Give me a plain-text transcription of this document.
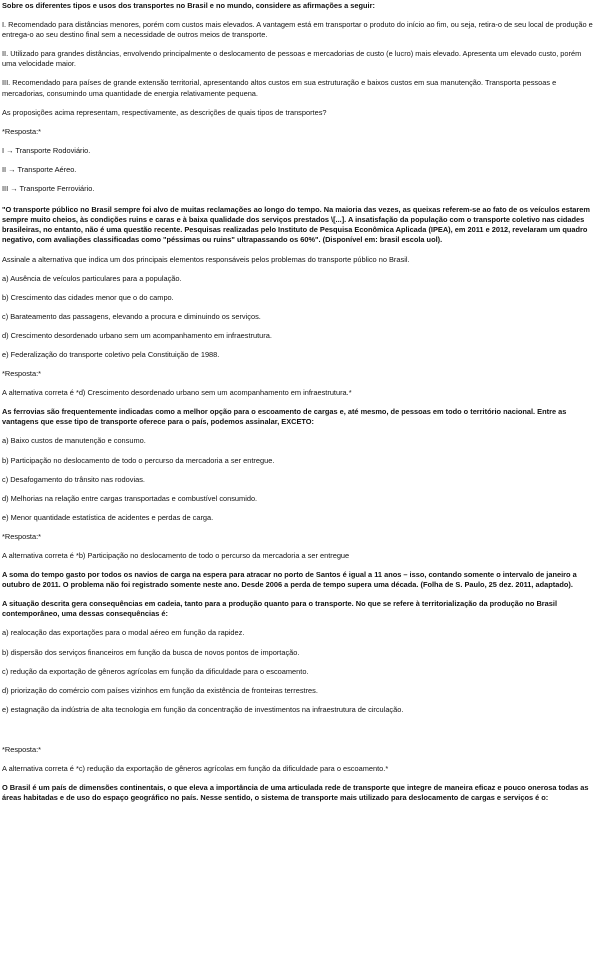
Sobre os diferentes tipos e usos dos transportes no Brasil e no mundo, considere as afirmações a seguir:

I. Recomendado para distâncias menores, porém com custos mais elevados. A vantagem está em transportar o produto do início ao fim, ou seja, retira-o de seu local de produção e entrega-o ao seu destino final sem a necessidade de outros meios de transporte.

II. Utilizado para grandes distâncias, envolvendo principalmente o deslocamento de pessoas e mercadorias de custo (e lucro) mais elevado. Apresenta um elevado custo, porém uma velocidade maior.

III. Recomendado para países de grande extensão territorial, apresentando altos custos em sua estruturação e baixos custos em sua manutenção. Transporta pessoas e mercadorias, consumindo uma quantidade de energia relativamente pequena.

As proposições acima representam, respectivamente, as descrições de quais tipos de transportes?

*Resposta:*

I → Transporte Rodoviário.

II → Transporte Aéreo.

III → Transporte Ferroviário.

"O transporte público no Brasil sempre foi alvo de muitas reclamações ao longo do tempo. Na maioria das vezes, as queixas referem-se ao fato de os veículos estarem sempre muito cheios, às condições ruins e caras e à baixa qualidade dos serviços prestados \[...]. A insatisfação da população com o transporte coletivo nas cidades brasileiras, no entanto, não é uma questão recente. Pesquisas realizadas pelo Instituto de Pesquisa Econômica Aplicada (IPEA), em 2011 e 2012, revelaram um quadro negativo, com avaliações classificadas como "péssimas ou ruins" ultrapassando os 60%". (Disponível em: brasil escola uol).

Assinale a alternativa que indica um dos principais elementos responsáveis pelos problemas do transporte público no Brasil.

a) Ausência de veículos particulares para a população.

b) Crescimento das cidades menor que o do campo.

c) Barateamento das passagens, elevando a procura e diminuindo os serviços.

d) Crescimento desordenado urbano sem um acompanhamento em infraestrutura.

e) Federalização do transporte coletivo pela Constituição de 1988.

*Resposta:*

A alternativa correta é *d) Crescimento desordenado urbano sem um acompanhamento em infraestrutura.*

As ferrovias são frequentemente indicadas como a melhor opção para o escoamento de cargas e, até mesmo, de pessoas em todo o território nacional. Entre as vantagens que esse tipo de transporte oferece para o país, podemos assinalar, EXCETO:

a) Baixo custos de manutenção e consumo.

b) Participação no deslocamento de todo o percurso da mercadoria a ser entregue.

c) Desafogamento do trânsito nas rodovias.

d) Melhorias na relação entre cargas transportadas e combustível consumido.

e) Menor quantidade estatística de acidentes e perdas de carga.

*Resposta:*

A alternativa correta é *b) Participação no deslocamento de todo o percurso da mercadoria a ser entregue

A soma do tempo gasto por todos os navios de carga na espera para atracar no porto de Santos é igual a 11 anos – isso, contando somente o intervalo de janeiro a outubro de 2011. O problema não foi registrado somente neste ano. Desde 2006 a perda de tempo supera uma década. (Folha de S. Paulo, 25 dez. 2011, adaptado).

A situação descrita gera consequências em cadeia, tanto para a produção quanto para o transporte. No que se refere à territorialização da produção no Brasil contemporâneo, uma dessas consequências é:

a) realocação das exportações para o modal aéreo em função da rapidez.

b) dispersão dos serviços financeiros em função da busca de novos pontos de importação.

c) redução da exportação de gêneros agrícolas em função da dificuldade para o escoamento.

d) priorização do comércio com países vizinhos em função da existência de fronteiras terrestres.

e) estagnação da indústria de alta tecnologia em função da concentração de investimentos na infraestrutura de circulação.

*Resposta:*

A alternativa correta é *c) redução da exportação de gêneros agrícolas em função da dificuldade para o escoamento.*

O Brasil é um país de dimensões continentais, o que eleva a importância de uma articulada rede de transporte que integre de maneira eficaz e pouco onerosa todas as áreas habitadas e de uso do espaço geográfico no país. Nesse sentido, o sistema de transporte mais utilizado para deslocamento de cargas e serviços é o:
